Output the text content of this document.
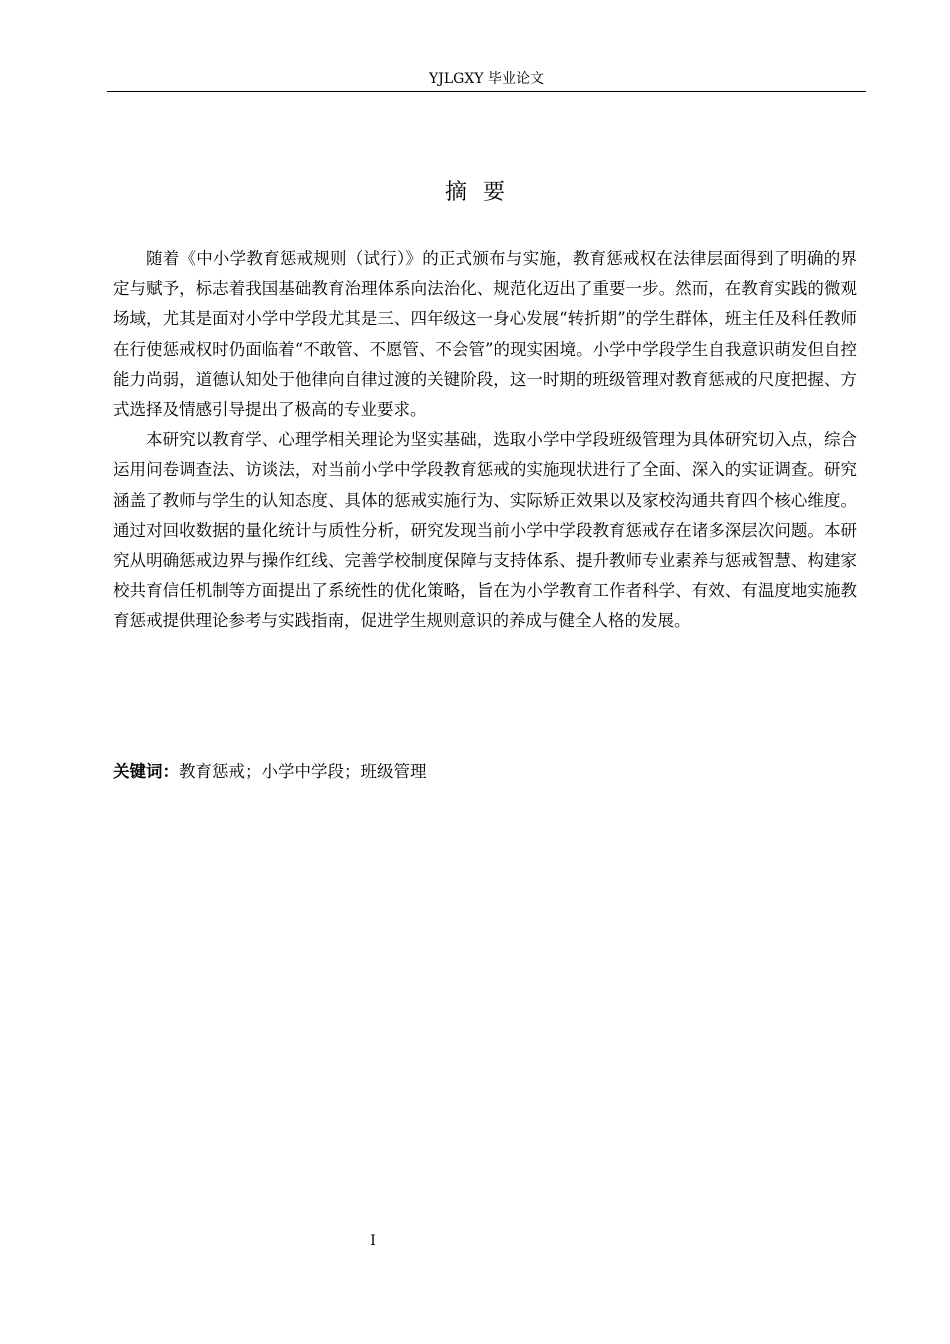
YJLGXY 毕业论文
摘要

随着《中小学教育惩戒规则（试行）》的正式颁布与实施，教育惩戒权在法律层面得到了明确的界定与赋予，标志着我国基础教育治理体系向法治化、规范化迈出了重要一步。然而，在教育实践的微观场域，尤其是面对小学中学段尤其是三、四年级这一身心发展“转折期”的学生群体，班主任及科任教师在行使惩戒权时仍面临着“不敢管、不愿管、不会管”的现实困境。小学中学段学生自我意识萌发但自控能力尚弱，道德认知处于他律向自律过渡的关键阶段，这一时期的班级管理对教育惩戒的尺度把握、方式选择及情感引导提出了极高的专业要求。

本研究以教育学、心理学相关理论为坚实基础，选取小学中学段班级管理为具体研究切入点，综合运用问卷调查法、访谈法，对当前小学中学段教育惩戒的实施现状进行了全面、深入的实证调查。研究涵盖了教师与学生的认知态度、具体的惩戒实施行为、实际矫正效果以及家校沟通共育四个核心维度。通过对回收数据的量化统计与质性分析，研究发现当前小学中学段教育惩戒存在诸多深层次问题。本研究从明确惩戒边界与操作红线、完善学校制度保障与支持体系、提升教师专业素养与惩戒智慧、构建家校共育信任机制等方面提出了系统性的优化策略，旨在为小学教育工作者科学、有效、有温度地实施教育惩戒提供理论参考与实践指南，促进学生规则意识的养成与健全人格的发展。

关键词：教育惩戒；小学中学段；班级管理
I
